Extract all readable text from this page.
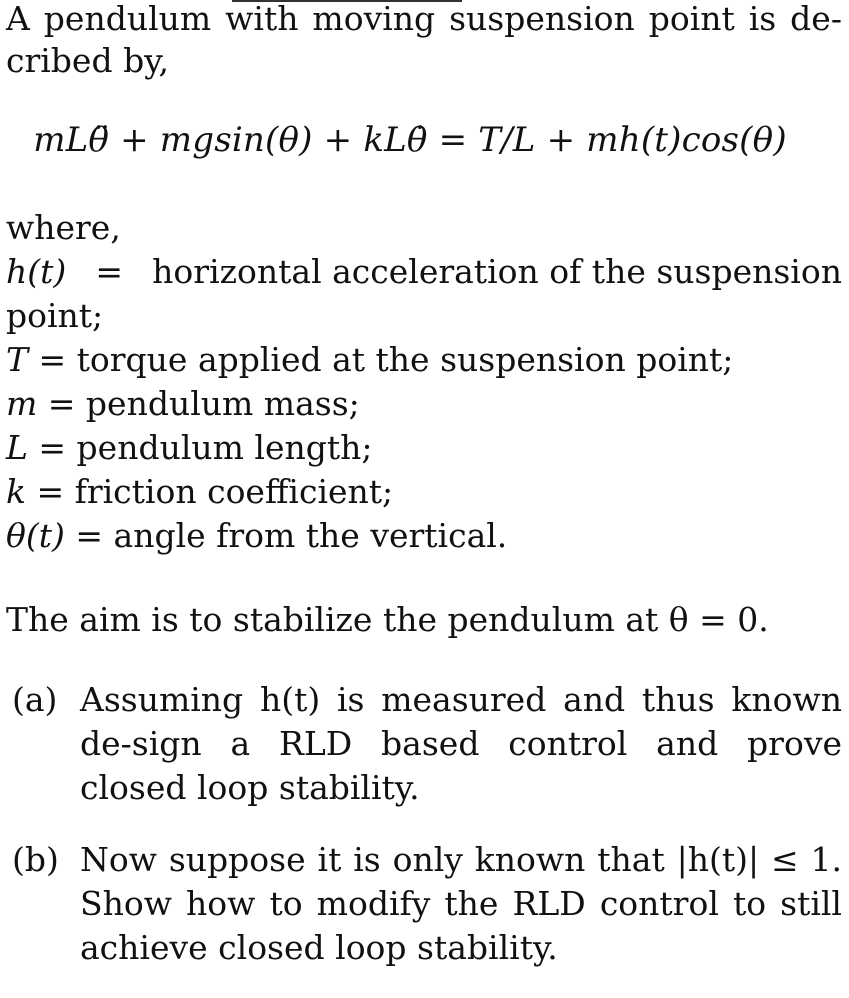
A pendulum with moving suspension point is de-cribed by,
mLθ̈ + mgsin(θ) + kLθ̇ = T/L + mh(t)cos(θ)
where,
h(t) = horizontal acceleration of the suspension
point;
T = torque applied at the suspension point;
m = pendulum mass;
L = pendulum length;
k = friction coefficient;
θ(t) = angle from the vertical.
The aim is to stabilize the pendulum at θ = 0.
(a) Assuming h(t) is measured and thus known de-sign a RLD based control and prove closed loop stability.
(b) Now suppose it is only known that |h(t)| ≤ 1. Show how to modify the RLD control to still achieve closed loop stability.
